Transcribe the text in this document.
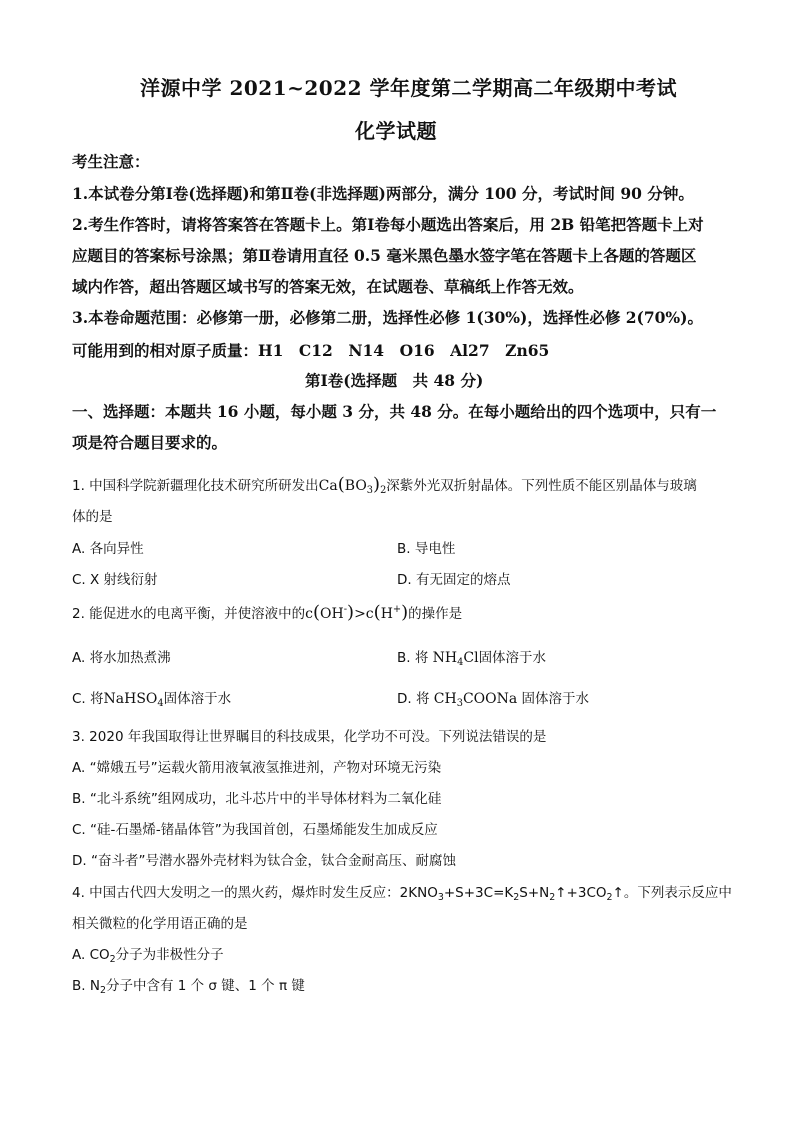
洋源中学 2021~2022 学年度第二学期高二年级期中考试
化学试题
考生注意：
1.本试卷分第Ⅰ卷(选择题)和第Ⅱ卷(非选择题)两部分，满分 100 分，考试时间 90 分钟。
2.考生作答时，请将答案答在答题卡上。第Ⅰ卷每小题选出答案后，用 2B 铅笔把答题卡上对
应题目的答案标号涂黑；第Ⅱ卷请用直径 0.5 毫米黑色墨水签字笔在答题卡上各题的答题区
域内作答，超出答题区域书写的答案无效，在试题卷、草稿纸上作答无效。
3.本卷命题范围：必修第一册，必修第二册，选择性必修 1(30%)，选择性必修 2(70%)。
可能用到的相对原子质量：H1　C12　N14　O16　Al27　Zn65
第Ⅰ卷(选择题　共 48 分)
一、选择题：本题共 16 小题，每小题 3 分，共 48 分。在每小题给出的四个选项中，只有一
项是符合题目要求的。
1. 中国科学院新疆理化技术研究所研发出$Ca(BO_3)_2$深紫外光双折射晶体。下列性质不能区别晶体与玻璃
体的是
A. 各向异性	B. 导电性
C. X 射线衍射	D. 有无固定的熔点
2. 能促进水的电离平衡，并使溶液中的c(OH-)>c(H+)的操作是
A. 将水加热煮沸	B. 将 $NH_4Cl$固体溶于水
C. 将NaHSO$_4$固体溶于水	D. 将 $CH_3COONa$ 固体溶于水
3. 2020 年我国取得让世界瞩目的科技成果，化学功不可没。下列说法错误的是
A. “嫦娥五号”运载火箭用液氧液氢推进剂，产物对环境无污染
B. “北斗系统”组网成功，北斗芯片中的半导体材料为二氧化硅
C. “硅-石墨烯-锗晶体管”为我国首创，石墨烯能发生加成反应
D. “奋斗者”号潜水器外壳材料为钛合金，钛合金耐高压、耐腐蚀
4. 中国古代四大发明之一的黑火药，爆炸时发生反应：$2KNO_3+S+3C=K_2S+N_2↑+3CO_2↑$。下列表示反应中
相关微粒的化学用语正确的是
A. $CO_2$分子为非极性分子
B. $N_2$分子中含有 1 个 σ 键、1 个 π 键
